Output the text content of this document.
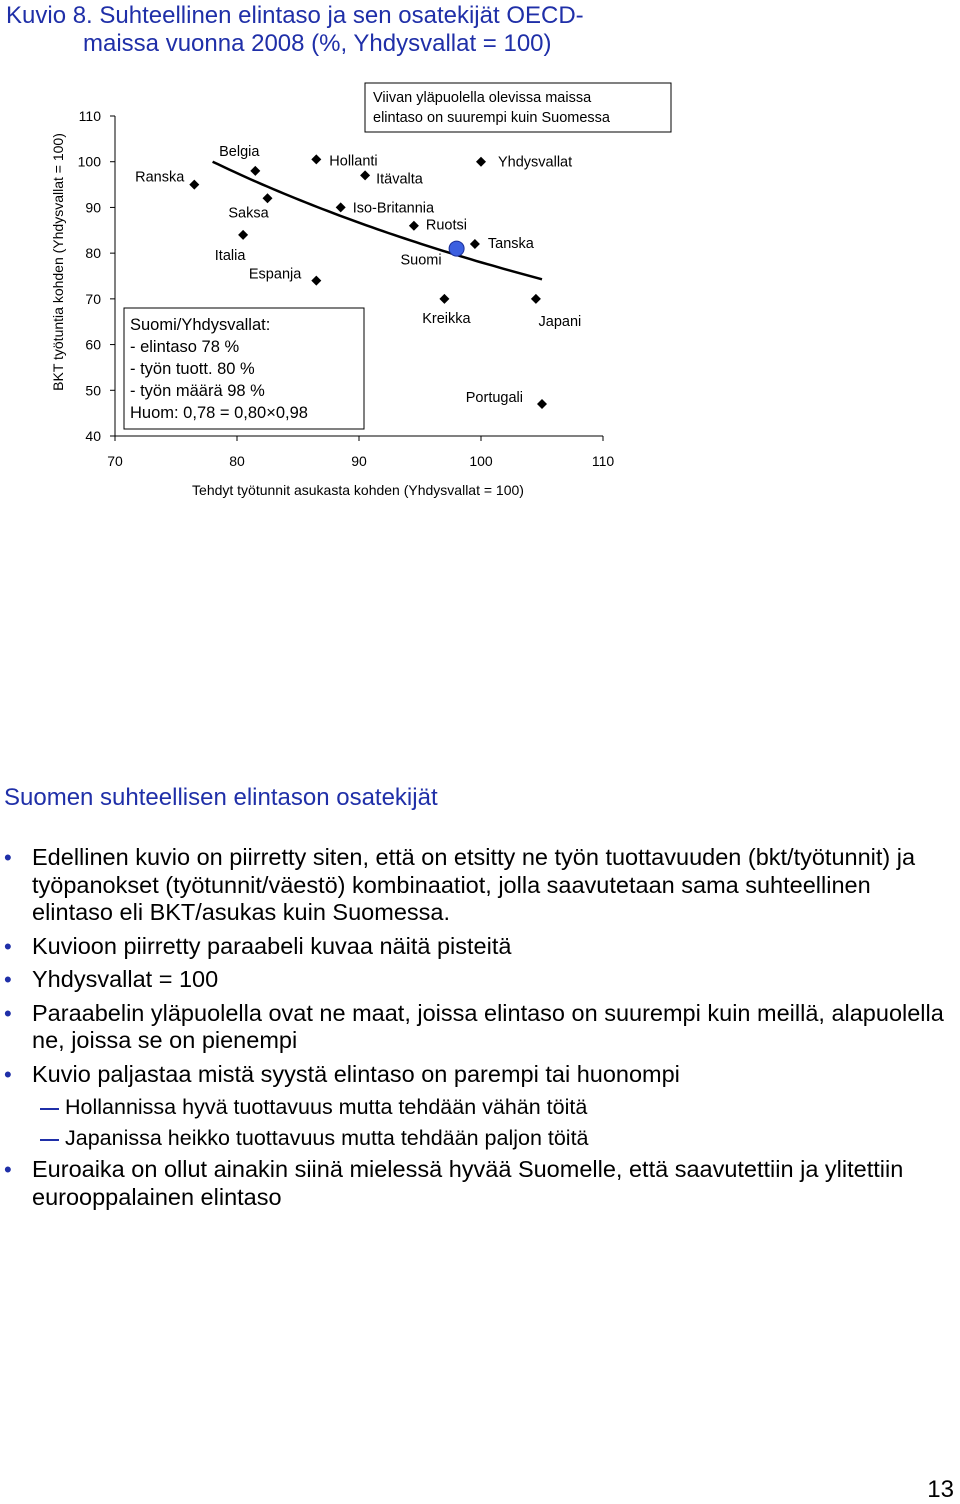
Kuvio 8. Suhteellinen elintaso ja sen osatekijät OECD-
maissa vuonna 2008 (%, Yhdysvallat = 100)
40
50
60
70
80
90
100
110
70	80	90	100	110
Ranska
Belgia
Saksa
Italia
Espanja
Hollanti
Itävalta
Iso-Britannia
Ruotsi
Tanska
Suomi
Yhdysvallat
Kreikka	Japani
Portugali
BKT työtuntia kohden (Yhdysvallat = 100)
Tehdyt työtunnit asukasta kohden (Yhdysvallat = 100)
Viivan yläpuolella olevissa maissa
elintaso on suurempi kuin Suomessa
Suomi/Yhdysvallat:
- elintaso 78 %
- työn tuott. 80 %
- työn määrä 98 %
Huom: 0,78 = 0,80×0,98
Suomen suhteellisen elintason osatekijät
• Edellinen kuvio on piirretty siten, että on etsitty ne työn tuottavuuden (bkt/työtunnit) ja työpanokset (työtunnit/väestö) kombinaatiot, jolla saavutetaan sama suhteellinen elintaso eli BKT/asukas kuin Suomessa.
• Kuvioon piirretty paraabeli kuvaa näitä pisteitä
• Yhdysvallat = 100
• Paraabelin yläpuolella ovat ne maat, joissa elintaso on suurempi kuin meillä, alapuolella ne, joissa se on pienempi
• Kuvio paljastaa mistä syystä elintaso on parempi tai huonompi
Hollannissa hyvä tuottavuus mutta tehdään vähän töitä
Japanissa heikko tuottavuus mutta tehdään paljon töitä
• Euroaika on ollut ainakin siinä mielessä hyvää Suomelle, että saavutettiin ja ylitettiin eurooppalainen elintaso
13
